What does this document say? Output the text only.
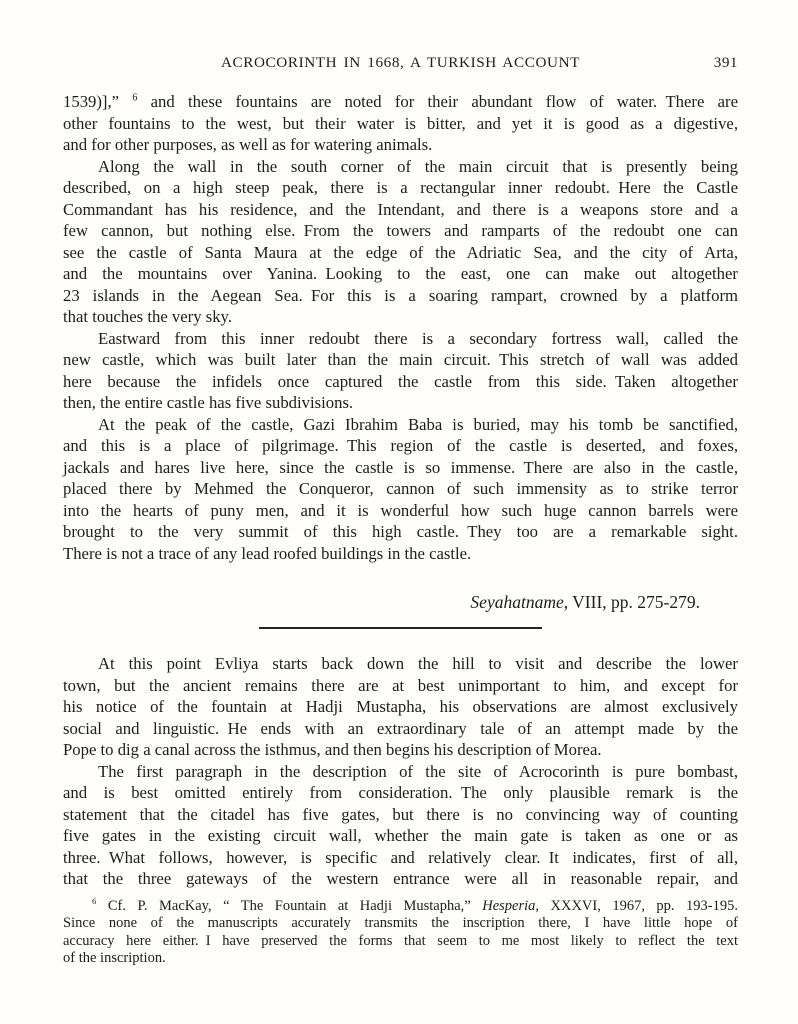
ACROCORINTH IN 1668, A TURKISH ACCOUNT	391
1539)],” $^6$ and these fountains are noted for their abundant flow of water. There are
other fountains to the west, but their water is bitter, and yet it is good as a digestive,
and for other purposes, as well as for watering animals.
Along the wall in the south corner of the main circuit that is presently being
described, on a high steep peak, there is a rectangular inner redoubt. Here the Castle
Commandant has his residence, and the Intendant, and there is a weapons store and a
few cannon, but nothing else. From the towers and ramparts of the redoubt one can
see the castle of Santa Maura at the edge of the Adriatic Sea, and the city of Arta,
and the mountains over Yanina. Looking to the east, one can make out altogether
23 islands in the Aegean Sea. For this is a soaring rampart, crowned by a platform
that touches the very sky.
Eastward from this inner redoubt there is a secondary fortress wall, called the
new castle, which was built later than the main circuit. This stretch of wall was added
here because the infidels once captured the castle from this side. Taken altogether
then, the entire castle has five subdivisions.
At the peak of the castle, Gazi Ibrahim Baba is buried, may his tomb be sanctified,
and this is a place of pilgrimage. This region of the castle is deserted, and foxes,
jackals and hares live here, since the castle is so immense. There are also in the castle,
placed there by Mehmed the Conqueror, cannon of such immensity as to strike terror
into the hearts of puny men, and it is wonderful how such huge cannon barrels were
brought to the very summit of this high castle. They too are a remarkable sight.
There is not a trace of any lead roofed buildings in the castle.
Seyahatname, VIII, pp. 275-279.
At this point Evliya starts back down the hill to visit and describe the lower
town, but the ancient remains there are at best unimportant to him, and except for
his notice of the fountain at Hadji Mustapha, his observations are almost exclusively
social and linguistic. He ends with an extraordinary tale of an attempt made by the
Pope to dig a canal across the isthmus, and then begins his description of Morea.
The first paragraph in the description of the site of Acrocorinth is pure bombast,
and is best omitted entirely from consideration. The only plausible remark is the
statement that the citadel has five gates, but there is no convincing way of counting
five gates in the existing circuit wall, whether the main gate is taken as one or as
three. What follows, however, is specific and relatively clear. It indicates, first of all,
that the three gateways of the western entrance were all in reasonable repair, and
$^6$ Cf. P. MacKay, “ The Fountain at Hadji Mustapha,” Hesperia, XXXVI, 1967, pp. 193-195.
Since none of the manuscripts accurately transmits the inscription there, I have little hope of
accuracy here either. I have preserved the forms that seem to me most likely to reflect the text
of the inscription.
